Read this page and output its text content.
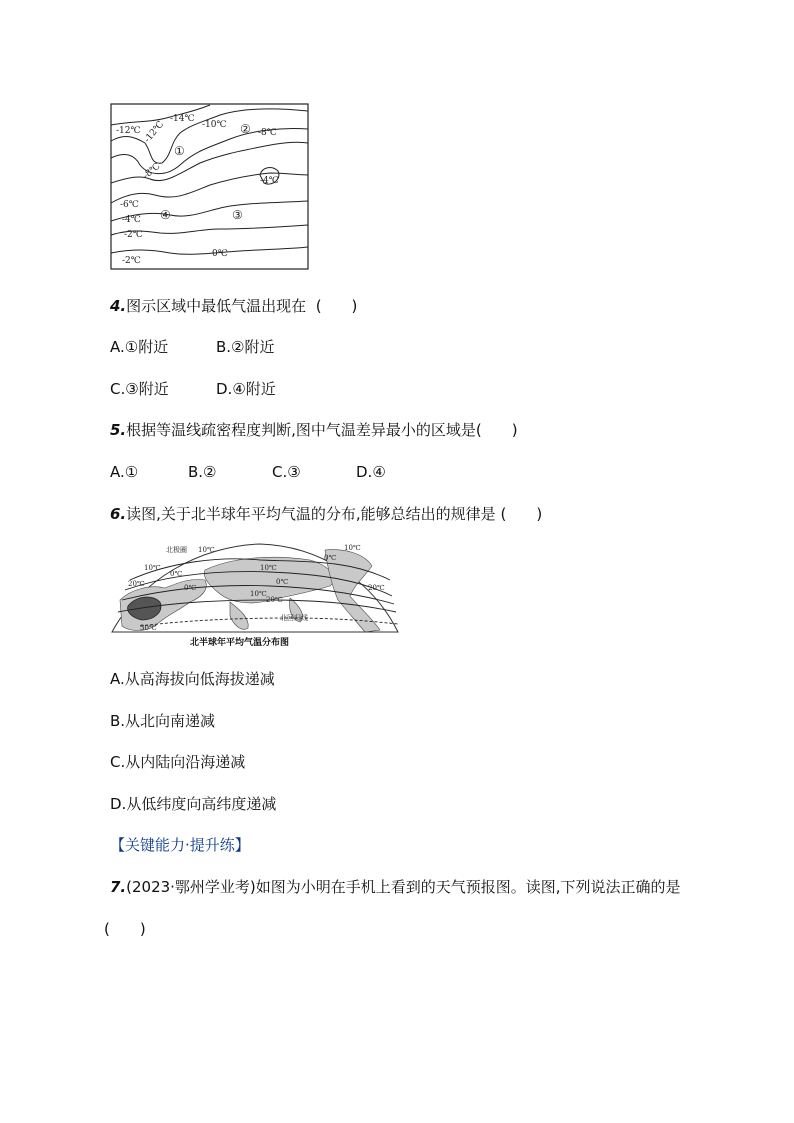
-14℃
-10℃
-12℃ -12℃	-8℃
-8℃	-4℃
-6℃
-4℃
-2℃
-2℃
0℃
①
②
③
④
4.图示区域中最低气温出现在 (　　)
A.①附近	B.②附近
C.③附近	D.④附近
5.根据等温线疏密程度判断,图中气温差异最小的区域是(　　)
A.①	B.②	C.③	D.④
6.读图,关于北半球年平均气温的分布,能够总结出的规律是 (　　)
北极圈
北回归线
10℃	10℃
10℃	10℃
0℃
0℃
0℃
20℃
20℃
20℃
30℃
10℃
0℃
北半球年平均气温分布图
A.从高海拔向低海拔递减
B.从北向南递减
C.从内陆向沿海递减
D.从低纬度向高纬度递减
【关键能力·提升练】
7.(2023·鄂州学业考)如图为小明在手机上看到的天气预报图。读图,下列说法正确的是
(　　)
